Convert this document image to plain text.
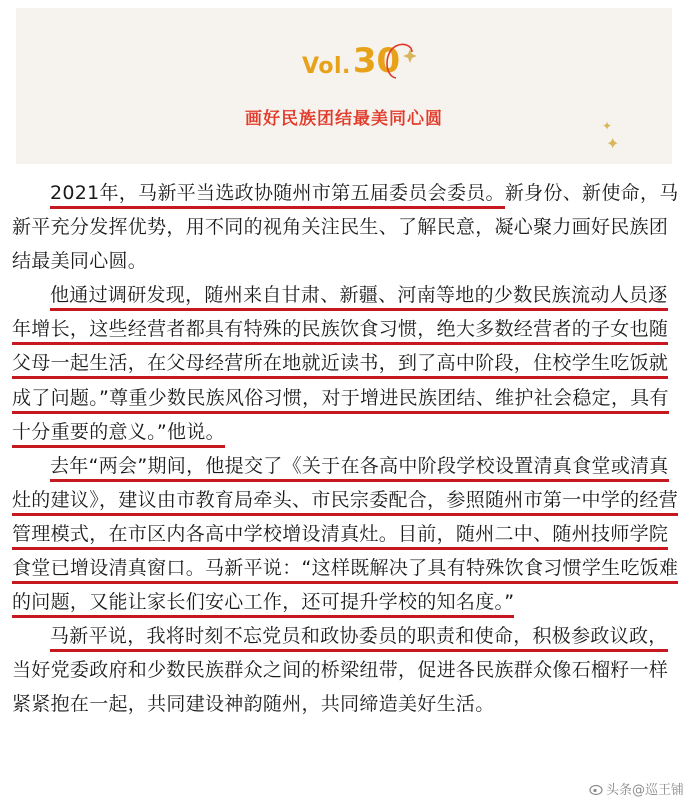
Vol. 30
画好民族团结最美同心圆	✦
✦

2021年，马新平当选政协随州市第五届委员会委员。新身份、新使命，马新平充分发挥优势，用不同的视角关注民生、了解民意，凝心聚力画好民族团结最美同心圆。

他通过调研发现，随州来自甘肃、新疆、河南等地的少数民族流动人员逐年增长，这些经营者都具有特殊的民族饮食习惯，绝大多数经营者的子女也随父母一起生活，在父母经营所在地就近读书，到了高中阶段，住校学生吃饭就成了问题。”尊重少数民族风俗习惯，对于增进民族团结、维护社会稳定，具有十分重要的意义。”他说。

去年“两会”期间，他提交了《关于在各高中阶段学校设置清真食堂或清真灶的建议》，建议由市教育局牵头、市民宗委配合，参照随州市第一中学的经营管理模式，在市区内各高中学校增设清真灶。目前，随州二中、随州技师学院食堂已增设清真窗口。马新平说：“这样既解决了具有特殊饮食习惯学生吃饭难的问题，又能让家长们安心工作，还可提升学校的知名度。”

马新平说，我将时刻不忘党员和政协委员的职责和使命，积极参政议政，当好党委政府和少数民族群众之间的桥梁纽带，促进各民族群众像石榴籽一样紧紧抱在一起，共同建设神韵随州，共同缔造美好生活。

头条@巡王铺
